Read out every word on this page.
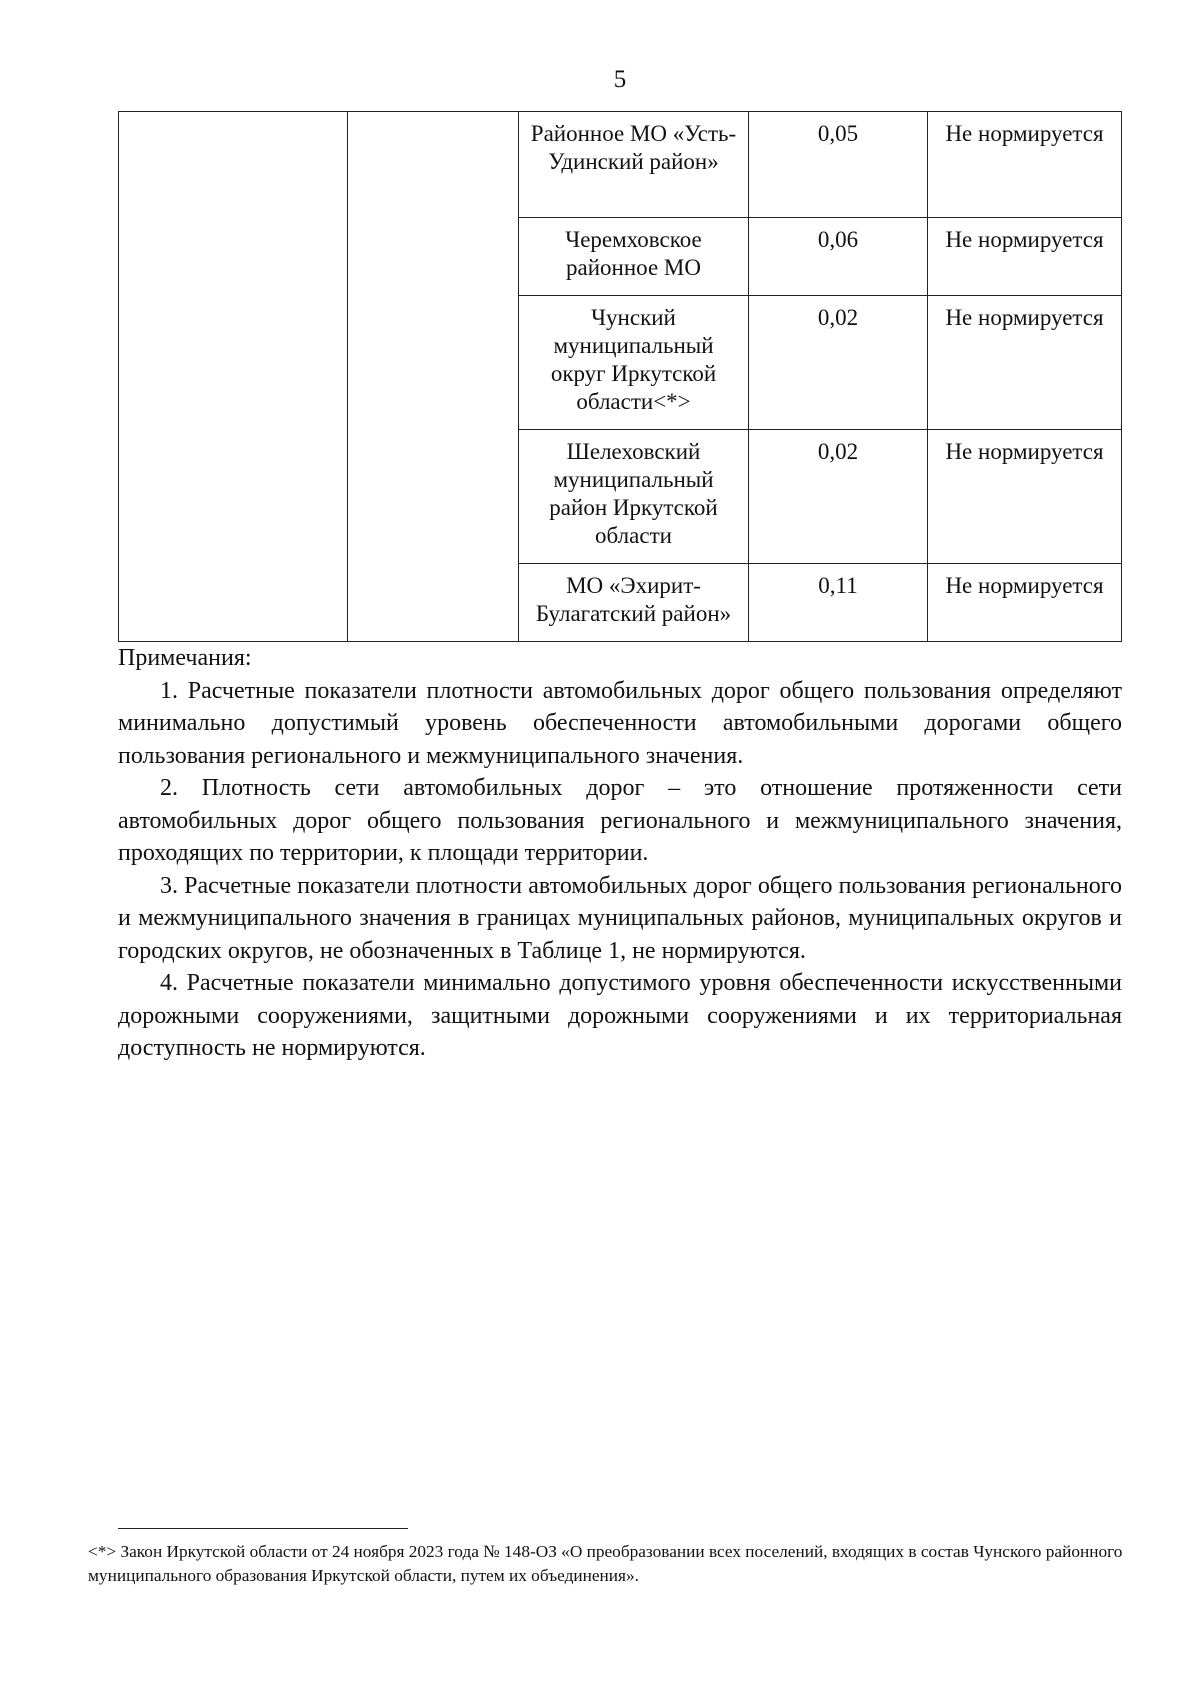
5
		Районное МО «Усть-Удинский район»	0,05	Не нормируется
		Черемховское районное МО	0,06	Не нормируется
		Чунский муниципальный округ Иркутской области<*>	0,02	Не нормируется
		Шелеховский муниципальный район Иркутской области	0,02	Не нормируется
		МО «Эхирит-Булагатский район»	0,11	Не нормируется

Примечания:

1. Расчетные показатели плотности автомобильных дорог общего пользования определяют минимально допустимый уровень обеспеченности автомобильными дорогами общего пользования регионального и межмуниципального значения.

2. Плотность сети автомобильных дорог – это отношение протяженности сети автомобильных дорог общего пользования регионального и межмуниципального значения, проходящих по территории, к площади территории.

3. Расчетные показатели плотности автомобильных дорог общего пользования регионального и межмуниципального значения в границах муниципальных районов, муниципальных округов и городских округов, не обозначенных в Таблице 1, не нормируются.

4. Расчетные показатели минимально допустимого уровня обеспеченности искусственными дорожными сооружениями, защитными дорожными сооружениями и их территориальная доступность не нормируются.

<*> Закон Иркутской области от 24 ноября 2023 года № 148-ОЗ «О преобразовании всех поселений, входящих в состав Чунского районного муниципального образования Иркутской области, путем их объединения».
